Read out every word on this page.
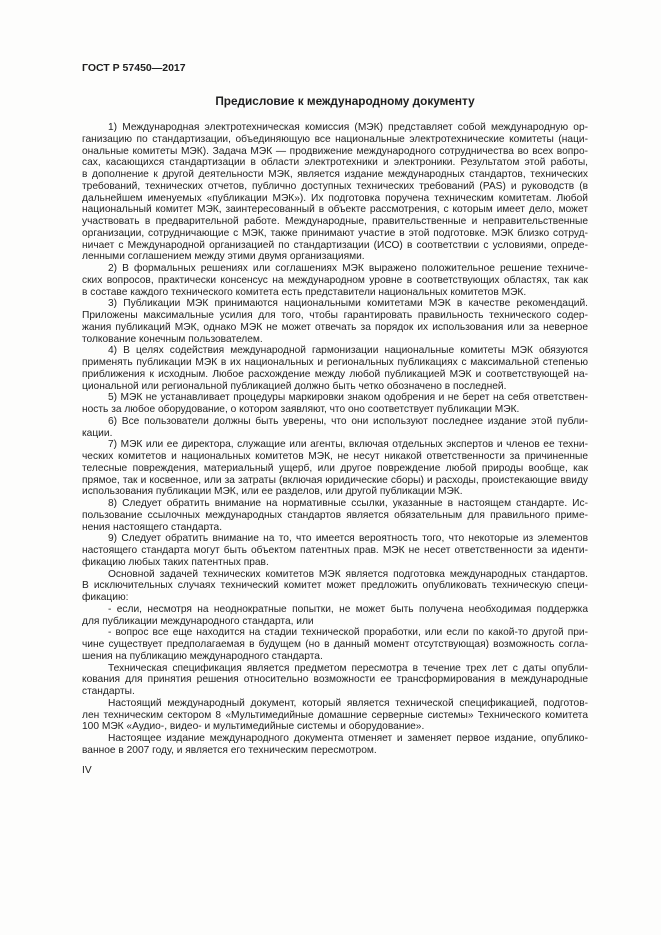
ГОСТ Р 57450—2017
Предисловие к международному документу
1) Международная электротехническая комиссия (МЭК) представляет собой международную ор-
ганизацию по стандартизации, объединяющую все национальные электротехнические комитеты (наци-
ональные комитеты МЭК). Задача МЭК — продвижение международного сотрудничества во всех вопро-
сах, касающихся стандартизации в области электротехники и электроники. Результатом этой работы,
в дополнение к другой деятельности МЭК, является издание международных стандартов, технических
требований, технических отчетов, публично доступных технических требований (PAS) и руководств (в
дальнейшем именуемых «публикации МЭК»). Их подготовка поручена техническим комитетам. Любой
национальный комитет МЭК, заинтересованный в объекте рассмотрения, с которым имеет дело, может
участвовать в предварительной работе. Международные, правительственные и неправительственные
организации, сотрудничающие с МЭК, также принимают участие в этой подготовке. МЭК близко сотруд-
ничает с Международной организацией по стандартизации (ИСО) в соответствии с условиями, опреде-
ленными соглашением между этими двумя организациями.
2) В формальных решениях или соглашениях МЭК выражено положительное решение техниче-
ских вопросов, практически консенсус на международном уровне в соответствующих областях, так как
в составе каждого технического комитета есть представители национальных комитетов МЭК.
3) Публикации МЭК принимаются национальными комитетами МЭК в качестве рекомендаций.
Приложены максимальные усилия для того, чтобы гарантировать правильность технического содер-
жания публикаций МЭК, однако МЭК не может отвечать за порядок их использования или за неверное
толкование конечным пользователем.
4) В целях содействия международной гармонизации национальные комитеты МЭК обязуются
применять публикации МЭК в их национальных и региональных публикациях с максимальной степенью
приближения к исходным. Любое расхождение между любой публикацией МЭК и соответствующей на-
циональной или региональной публикацией должно быть четко обозначено в последней.
5) МЭК не устанавливает процедуры маркировки знаком одобрения и не берет на себя ответствен-
ность за любое оборудование, о котором заявляют, что оно соответствует публикации МЭК.
6) Все пользователи должны быть уверены, что они используют последнее издание этой публи-
кации.
7) МЭК или ее директора, служащие или агенты, включая отдельных экспертов и членов ее техни-
ческих комитетов и национальных комитетов МЭК, не несут никакой ответственности за причиненные
телесные повреждения, материальный ущерб, или другое повреждение любой природы вообще, как
прямое, так и косвенное, или за затраты (включая юридические сборы) и расходы, проистекающие ввиду
использования публикации МЭК, или ее разделов, или другой публикации МЭК.
8) Следует обратить внимание на нормативные ссылки, указанные в настоящем стандарте. Ис-
пользование ссылочных международных стандартов является обязательным для правильного приме-
нения настоящего стандарта.
9) Следует обратить внимание на то, что имеется вероятность того, что некоторые из элементов
настоящего стандарта могут быть объектом патентных прав. МЭК не несет ответственности за иденти-
фикацию любых таких патентных прав.
Основной задачей технических комитетов МЭК является подготовка международных стандартов.
В исключительных случаях технический комитет может предложить опубликовать техническую специ-
фикацию:
- если, несмотря на неоднократные попытки, не может быть получена необходимая поддержка
для публикации международного стандарта, или
- вопрос все еще находится на стадии технической проработки, или если по какой-то другой при-
чине существует предполагаемая в будущем (но в данный момент отсутствующая) возможность согла-
шения на публикацию международного стандарта.
Техническая спецификация является предметом пересмотра в течение трех лет с даты опубли-
кования для принятия решения относительно возможности ее трансформирования в международные
стандарты.
Настоящий международный документ, который является технической спецификацией, подготов-
лен техническим сектором 8 «Мультимедийные домашние серверные системы» Технического комитета
100 МЭК «Аудио-, видео- и мультимедийные системы и оборудование».
Настоящее издание международного документа отменяет и заменяет первое издание, опублико-
ванное в 2007 году, и является его техническим пересмотром.
IV
